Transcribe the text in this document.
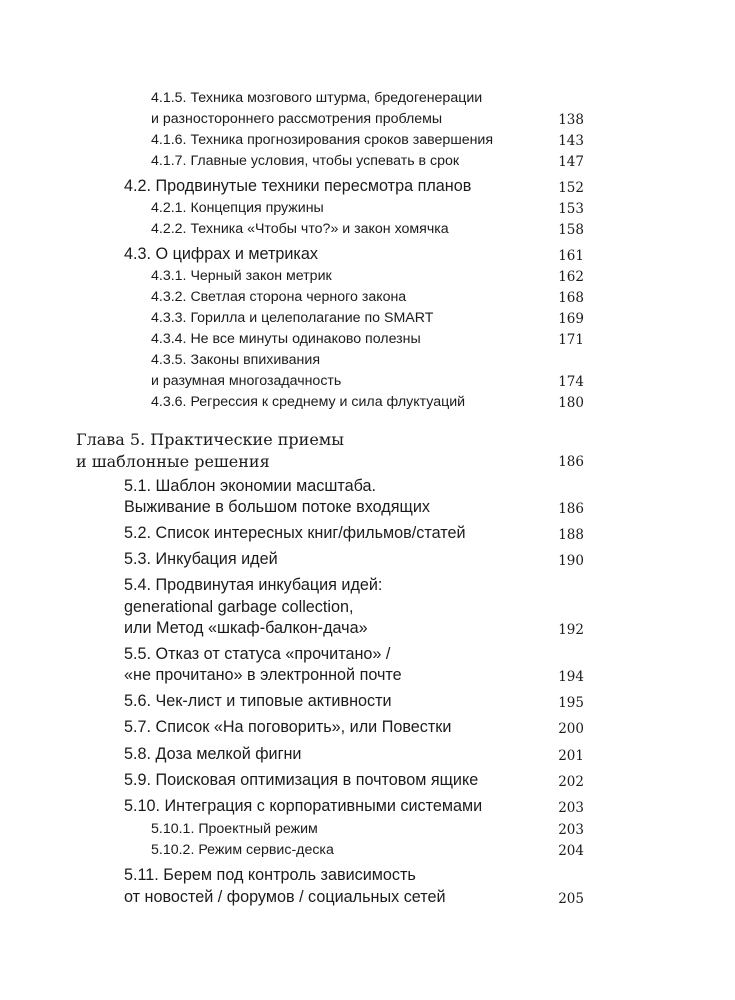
4.1.5. Техника мозгового штурма, бредогенерации
и разностороннего рассмотрения проблемы	138
4.1.6. Техника прогнозирования сроков завершения	143
4.1.7. Главные условия, чтобы успевать в срок	147
4.2. Продвинутые техники пересмотра планов	152
4.2.1. Концепция пружины	153
4.2.2. Техника «Чтобы что?» и закон хомячка	158
4.3. О цифрах и метриках	161
4.3.1. Черный закон метрик	162
4.3.2. Светлая сторона черного закона	168
4.3.3. Горилла и целеполагание по SMART	169
4.3.4. Не все минуты одинаково полезны	171
4.3.5. Законы впихивания
и разумная многозадачность	174
4.3.6. Регрессия к среднему и сила флуктуаций	180
Глава 5. Практические приемы
и шаблонные решения	186
5.1. Шаблон экономии масштаба.
Выживание в большом потоке входящих	186
5.2. Список интересных книг/фильмов/статей	188
5.3. Инкубация идей	190
5.4. Продвинутая инкубация идей:
generational garbage collection,
или Метод «шкаф-балкон-дача»	192
5.5. Отказ от статуса «прочитано» /
«не прочитано» в электронной почте	194
5.6. Чек-лист и типовые активности	195
5.7. Список «На поговорить», или Повестки	200
5.8. Доза мелкой фигни	201
5.9. Поисковая оптимизация в почтовом ящике	202
5.10. Интеграция с корпоративными системами	203
5.10.1. Проектный режим	203
5.10.2. Режим сервис-деска	204
5.11. Берем под контроль зависимость
от новостей / форумов / социальных сетей	205
